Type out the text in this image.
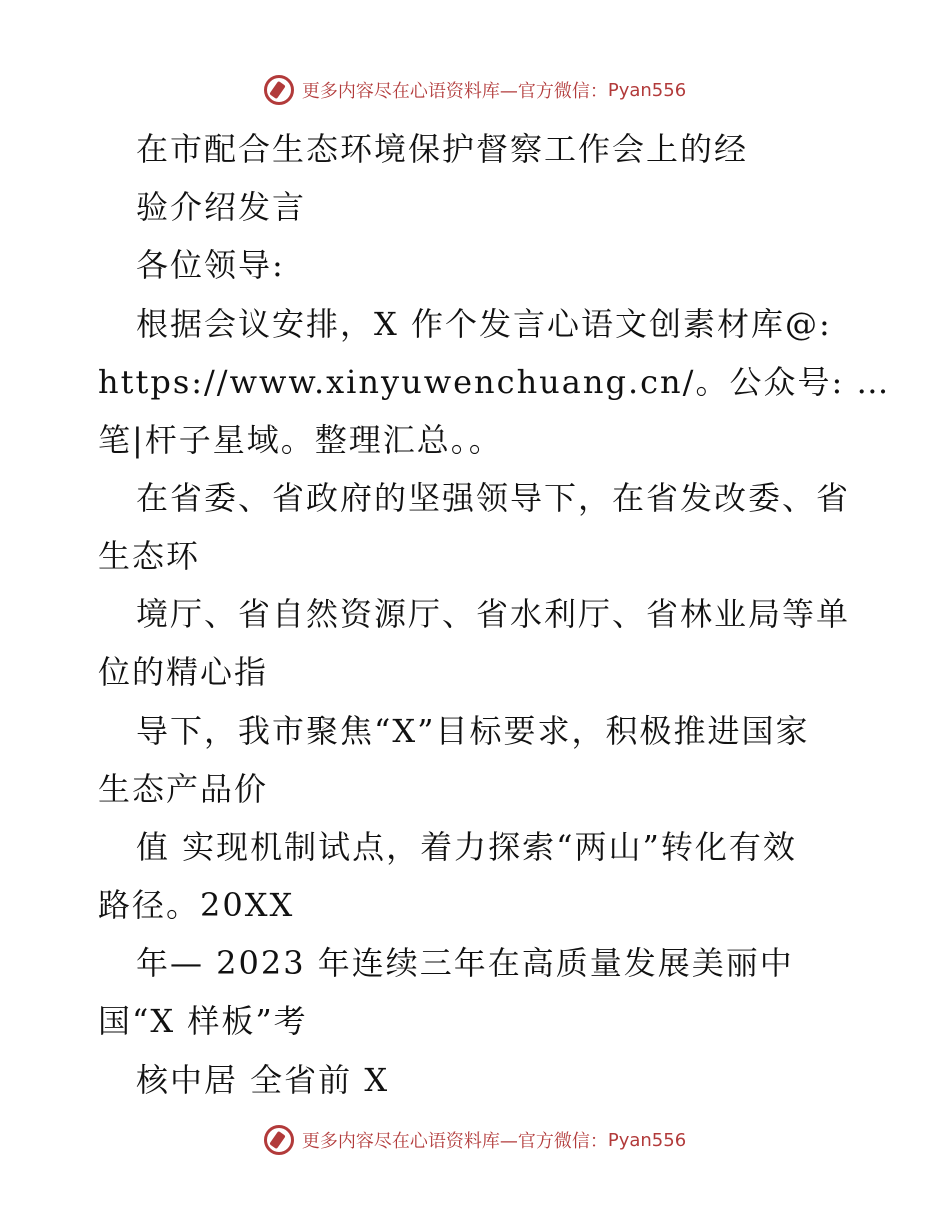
更多内容尽在心语资料库—官方微信： Pyan556
在市配合生态环境保护督察工作会上的经
验介绍发言
各位领导:
根据会议安排，X 作个发言心语文创素材库@:
https://www.xinyuwenchuang.cn/。公众号: …
笔|杆子星域。整理汇总。。
在省委、省政府的坚强领导下，在省发改委、省
生态环
境厅、省自然资源厅、省水利厅、省林业局等单
位的精心指
导下，我市聚焦“X”目标要求，积极推进国家
生态产品价
值 实现机制试点，着力探索“两山”转化有效
路径。20XX
年— 2023 年连续三年在高质量发展美丽中
国“X 样板”考
核中居 全省前 X
更多内容尽在心语资料库—官方微信： Pyan556
